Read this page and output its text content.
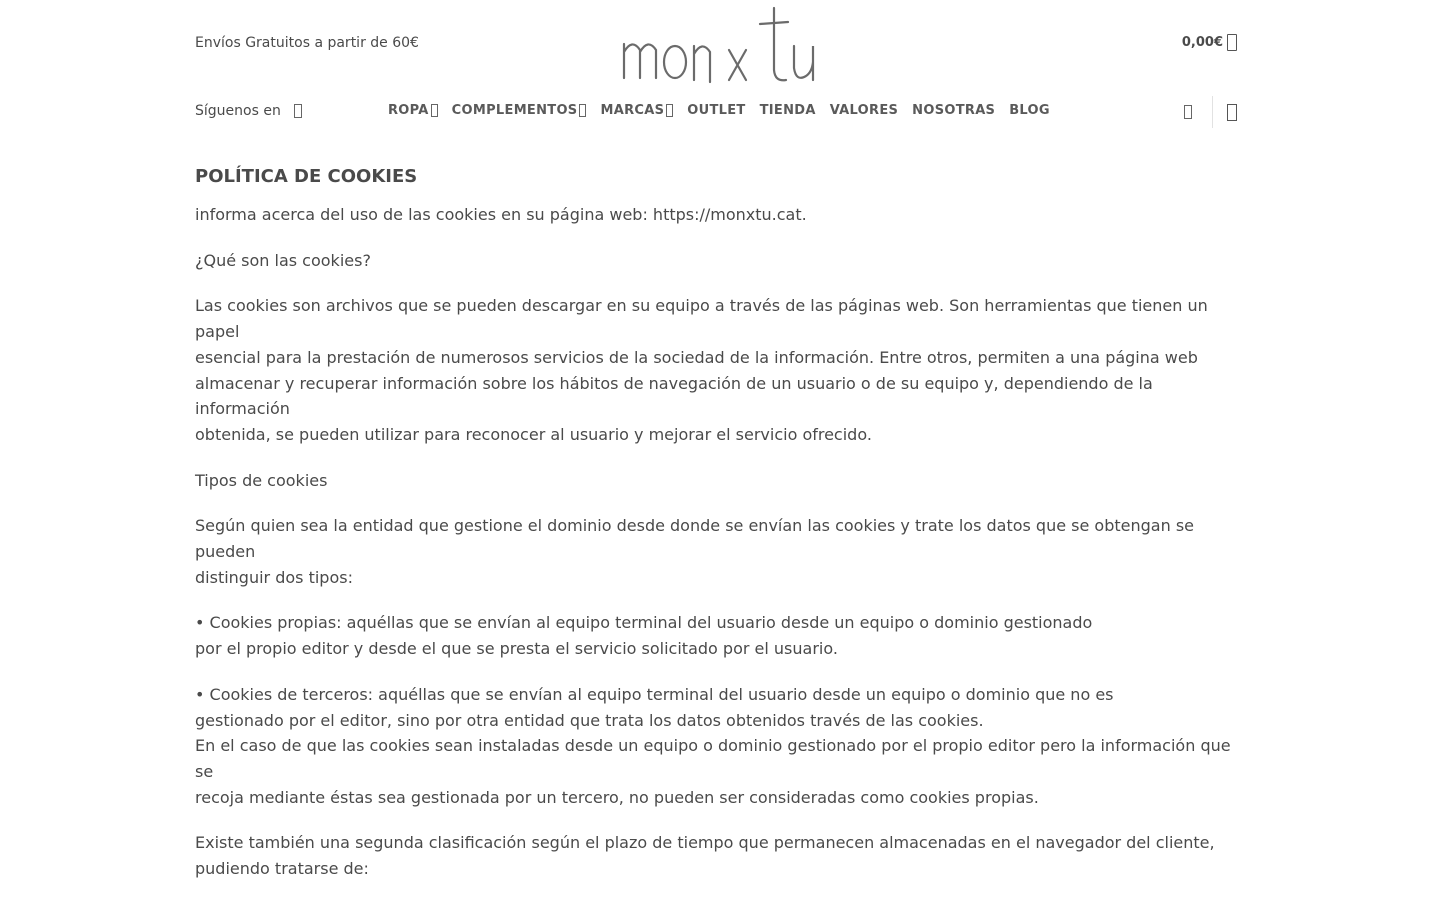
Envíos Gratuitos a partir de 60€	0,00€
Síguenos en	ROPA COMPLEMENTOS MARCAS OUTLET TIENDA VALORES NOSOTRAS BLOG
POLÍTICA DE COOKIES

informa acerca del uso de las cookies en su página web: https://monxtu.cat.

¿Qué son las cookies?

Las cookies son archivos que se pueden descargar en su equipo a través de las páginas web. Son herramientas que tienen un papel
esencial para la prestación de numerosos servicios de la sociedad de la información. Entre otros, permiten a una página web
almacenar y recuperar información sobre los hábitos de navegación de un usuario o de su equipo y, dependiendo de la información
obtenida, se pueden utilizar para reconocer al usuario y mejorar el servicio ofrecido.

Tipos de cookies

Según quien sea la entidad que gestione el dominio desde donde se envían las cookies y trate los datos que se obtengan se pueden
distinguir dos tipos:

• Cookies propias: aquéllas que se envían al equipo terminal del usuario desde un equipo o dominio gestionado
por el propio editor y desde el que se presta el servicio solicitado por el usuario.

• Cookies de terceros: aquéllas que se envían al equipo terminal del usuario desde un equipo o dominio que no es
gestionado por el editor, sino por otra entidad que trata los datos obtenidos través de las cookies.
En el caso de que las cookies sean instaladas desde un equipo o dominio gestionado por el propio editor pero la información que se
recoja mediante éstas sea gestionada por un tercero, no pueden ser consideradas como cookies propias.

Existe también una segunda clasificación según el plazo de tiempo que permanecen almacenadas en el navegador del cliente,
pudiendo tratarse de:
